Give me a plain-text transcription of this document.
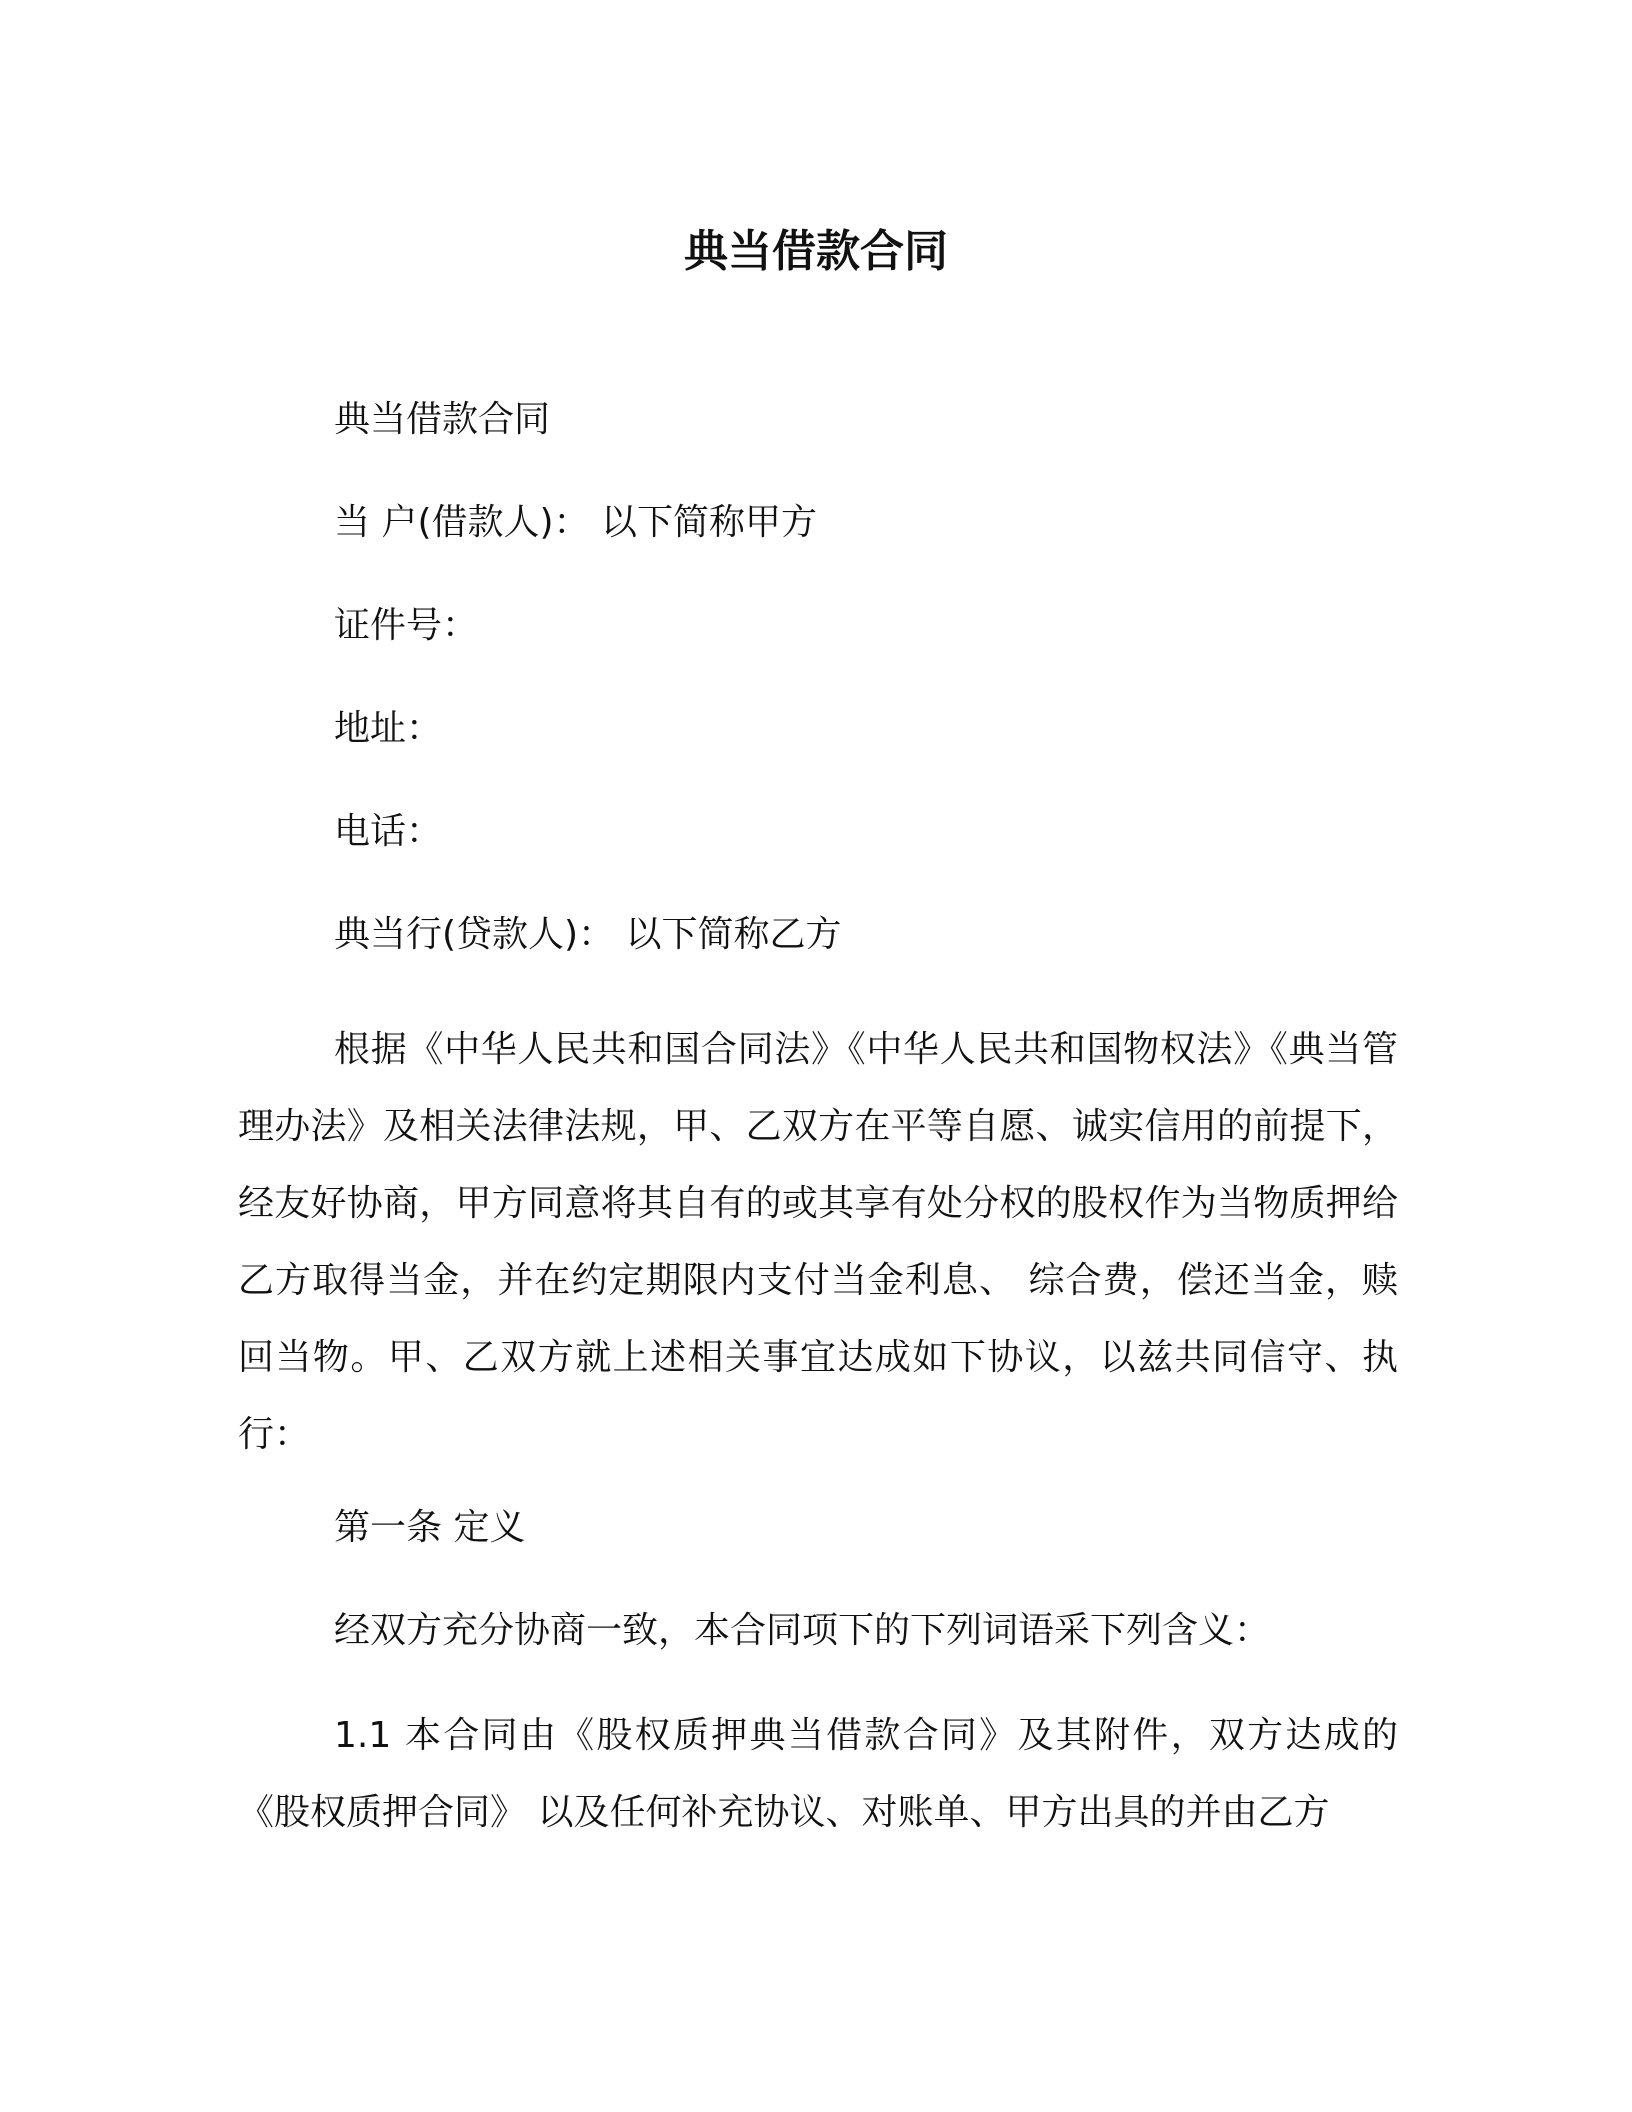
典当借款合同

典当借款合同

当 户(借款人)： 以下简称甲方

证件号：

地址：

电话：

典当行(贷款人)： 以下简称乙方

根据《中华人民共和国合同法》《中华人民共和国物权法》《典当管理办法》及相关法律法规，甲、乙双方在平等自愿、诚实信用的前提下，经友好协商，甲方同意将其自有的或其享有处分权的股权作为当物质押给乙方取得当金，并在约定期限内支付当金利息、 综合费，偿还当金，赎回当物。甲、乙双方就上述相关事宜达成如下协议，以兹共同信守、执行：

第一条 定义

经双方充分协商一致，本合同项下的下列词语采下列含义：

1.1 本合同由《股权质押典当借款合同》及其附件，双方达成的《股权质押合同》 以及任何补充协议、对账单、甲方出具的并由乙方
